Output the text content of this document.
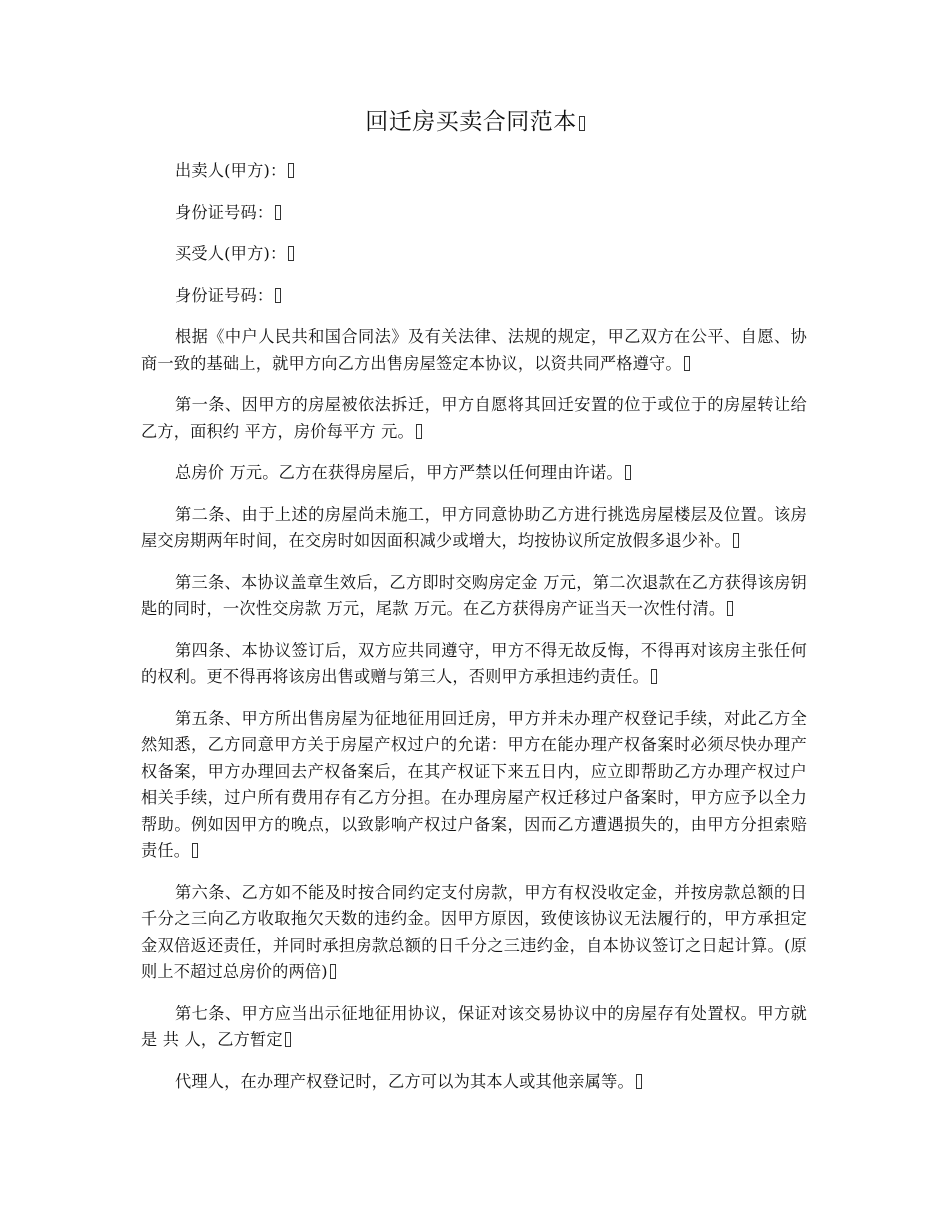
回迁房买卖合同范本

出卖人(甲方)：

身份证号码：

买受人(甲方)：

身份证号码：

根据《中户人民共和国合同法》及有关法律、法规的规定，甲乙双方在公平、自愿、协商一致的基础上，就甲方向乙方出售房屋签定本协议，以资共同严格遵守。

第一条、因甲方的房屋被依法拆迁，甲方自愿将其回迁安置的位于或位于的房屋转让给乙方，面积约 平方，房价每平方 元。

总房价 万元。乙方在获得房屋后，甲方严禁以任何理由许诺。

第二条、由于上述的房屋尚未施工，甲方同意协助乙方进行挑选房屋楼层及位置。该房屋交房期两年时间，在交房时如因面积减少或增大，均按协议所定放假多退少补。

第三条、本协议盖章生效后，乙方即时交购房定金 万元，第二次退款在乙方获得该房钥匙的同时，一次性交房款 万元，尾款 万元。在乙方获得房产证当天一次性付清。

第四条、本协议签订后，双方应共同遵守，甲方不得无故反悔，不得再对该房主张任何的权利。更不得再将该房出售或赠与第三人，否则甲方承担违约责任。

第五条、甲方所出售房屋为征地征用回迁房，甲方并未办理产权登记手续，对此乙方全然知悉，乙方同意甲方关于房屋产权过户的允诺：甲方在能办理产权备案时必须尽快办理产权备案，甲方办理回去产权备案后，在其产权证下来五日内，应立即帮助乙方办理产权过户相关手续，过户所有费用存有乙方分担。在办理房屋产权迁移过户备案时，甲方应予以全力帮助。例如因甲方的晚点，以致影响产权过户备案，因而乙方遭遇损失的，由甲方分担索赔责任。

第六条、乙方如不能及时按合同约定支付房款，甲方有权没收定金，并按房款总额的日千分之三向乙方收取拖欠天数的违约金。因甲方原因，致使该协议无法履行的，甲方承担定金双倍返还责任，并同时承担房款总额的日千分之三违约金，自本协议签订之日起计算。(原则上不超过总房价的两倍)

第七条、甲方应当出示征地征用协议，保证对该交易协议中的房屋存有处置权。甲方就是 共 人，乙方暂定

代理人，在办理产权登记时，乙方可以为其本人或其他亲属等。
